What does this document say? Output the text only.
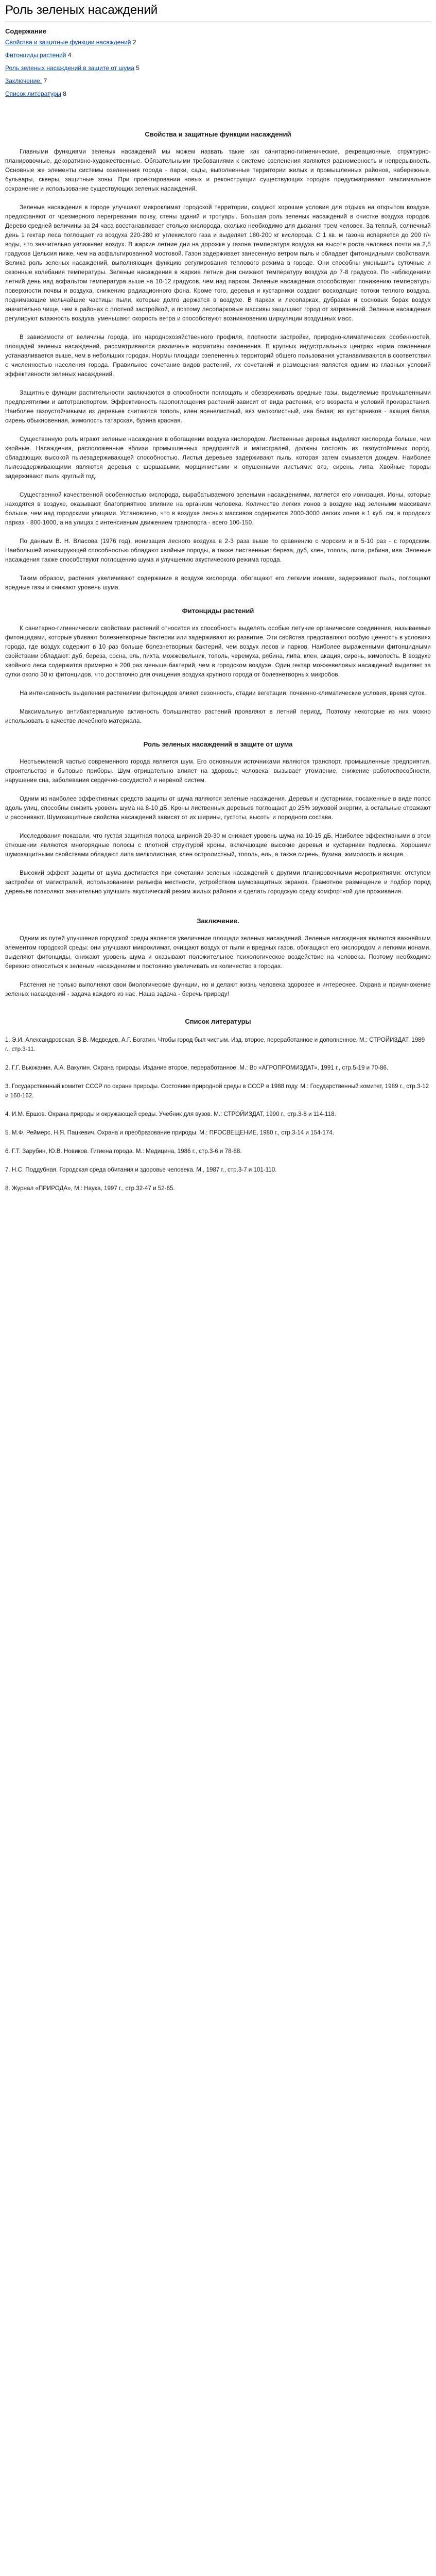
Роль зеленых насаждений
Содержание
Свойства и защитные функции насаждений 2
Фитонциды растений 4
Роль зеленых насаждений в защите от шума 5
Заключение. 7
Список литературы 8
Свойства и защитные функции насаждений

Главными функциями зеленых насаждений мы можем назвать такие как санитарно-гигиенические, рекреационные, структурно-планировочные, декоративно-художественные. Обязательными требованиями к системе озеленения являются равномерность и непрерывность. Основные же элементы системы озеленения города - парки, сады, выполненные территории жилых и промышленных районов, набережные, бульвары, скверы, защитные зоны. При проектировании новых и реконструкции существующих городов предусматривают максимальное сохранение и использование существующих зеленых насаждений.

Зеленые насаждения в городе улучшают микроклимат городской территории, создают хорошие условия для отдыха на открытом воздухе, предохраняют от чрезмерного перегревания почву, стены зданий и тротуары. Большая роль зеленых насаждений в очистке воздуха городов. Дерево средней величины за 24 часа восстанавливает столько кислорода, сколько необходимо для дыхания трем человек. За теплый, солнечный день 1 гектар леса поглощает из воздуха 220-280 кг углекислого газа и выделяет 180-200 кг кислорода. С 1 кв. м газона испаряется до 200 г/ч воды, что значительно увлажняет воздух. В жаркие летние дни на дорожке у газона температура воздуха на высоте роста человека почти на 2,5 градусов Цельсия ниже, чем на асфальтированной мостовой. Газон задерживает занесенную ветром пыль и обладает фитонцидными свойствами. Велика роль зеленых насаждений, выполняющих функцию регулирования теплового режима в городе. Они способны уменьшить суточные и сезонные колебания температуры. Зеленые насаждения в жаркие летние дни снижают температуру воздуха до 7-8 градусов. По наблюдениям летний день над асфальтом температура выше на 10-12 градусов, чем над парком. Зеленые насаждения способствуют понижению температуры поверхности почвы и воздуха, снижению радиационного фона. Кроме того, деревья и кустарники создают восходящие потоки теплого воздуха, поднимающие мельчайшие частицы пыли, которые долго держатся в воздухе. В парках и лесопарках, дубравах и сосновых борах воздух значительно чище, чем в районах с плотной застройкой, и поэтому лесопарковые массивы защищают город от загрязнений. Зеленые насаждения регулируют влажность воздуха, уменьшают скорость ветра и способствуют возникновению циркуляции воздушных масс.

В зависимости от величины города, его народнохозяйственного профиля, плотности застройки, природно-климатических особенностей, площадей зеленых насаждений, рассматриваются различные нормативы озеленения. В крупных индустриальных центрах норма озеленения устанавливается выше, чем в небольших городах. Нормы площади озелененных территорий общего пользования устанавливаются в соответствии с численностью населения города. Правильное сочетание видов растений, их сочетаний и размещения является одним из главных условий эффективности зеленых насаждений.

Защитные функции растительности заключаются в способности поглощать и обезвреживать вредные газы, выделяемые промышленными предприятиями и автотранспортом. Эффективность газопоглощения растений зависит от вида растения, его возраста и условий произрастания. Наиболее газоустойчивыми из деревьев считаются тополь, клен ясенелистный, вяз мелколистный, ива белая; из кустарников - акация белая, сирень обыкновенная, жимолость татарская, бузина красная.

Существенную роль играют зеленые насаждения в обогащении воздуха кислородом. Лиственные деревья выделяют кислорода больше, чем хвойные. Насаждения, расположенные вблизи промышленных предприятий и магистралей, должны состоять из газоустойчивых пород, обладающих высокой пылезадерживающей способностью. Листья деревьев задерживают пыль, которая затем смывается дождем. Наиболее пылезадерживающими являются деревья с шершавыми, морщинистыми и опушенными листьями: вяз, сирень, липа. Хвойные породы задерживают пыль круглый год.

Существенной качественной особенностью кислорода, вырабатываемого зелеными насаждениями, является его ионизация. Ионы, которые находятся в воздухе, оказывают благоприятное влияние на организм человека. Количество легких ионов в воздухе над зелеными массивами больше, чем над городскими улицами. Установлено, что в воздухе лесных массивов содержится 2000-3000 легких ионов в 1 куб. см, в городских парках - 800-1000, а на улицах с интенсивным движением транспорта - всего 100-150.

По данным В. Н. Власова (1976 год), ионизация лесного воздуха в 2-3 раза выше по сравнению с морским и в 5-10 раз - с городским. Наибольшей ионизирующей способностью обладают хвойные породы, а также лиственные: береза, дуб, клен, тополь, липа, рябина, ива. Зеленые насаждения также способствуют поглощению шума и улучшению акустического режима города.

Таким образом, растения увеличивают содержание в воздухе кислорода, обогащают его легкими ионами, задерживают пыль, поглощают вредные газы и снижают уровень шума.

Фитонциды растений

К санитарно-гигиеническим свойствам растений относится их способность выделять особые летучие органические соединения, называемые фитонцидами, которые убивают болезнетворные бактерии или задерживают их развитие. Эти свойства представляют особую ценность в условиях города, где воздух содержит в 10 раз больше болезнетворных бактерий, чем воздух лесов и парков. Наиболее выраженными фитонцидными свойствами обладают: дуб, береза, сосна, ель, пихта, можжевельник, тополь, черемуха, рябина, липа, клен, акация, сирень, жимолость. В воздухе хвойного леса содержится примерно в 200 раз меньше бактерий, чем в городском воздухе. Один гектар можжевеловых насаждений выделяет за сутки около 30 кг фитонцидов, что достаточно для очищения воздуха крупного города от болезнетворных микробов.

На интенсивность выделения растениями фитонцидов влияет сезонность, стадии вегетации, почвенно-климатические условия, время суток.

Максимальную антибактериальную активность большинство растений проявляют в летний период. Поэтому некоторые из них можно использовать в качестве лечебного материала.

Роль зеленых насаждений в защите от шума

Неотъемлемой частью современного города является шум. Его основными источниками являются транспорт, промышленные предприятия, строительство и бытовые приборы. Шум отрицательно влияет на здоровье человека: вызывает утомление, снижение работоспособности, нарушение сна, заболевания сердечно-сосудистой и нервной систем.

Одним из наиболее эффективных средств защиты от шума являются зеленые насаждения. Деревья и кустарники, посаженные в виде полос вдоль улиц, способны снизить уровень шума на 8-10 дБ. Кроны лиственных деревьев поглощают до 25% звуковой энергии, а остальные отражают и рассеивают. Шумозащитные свойства насаждений зависят от их ширины, густоты, высоты и породного состава.

Исследования показали, что густая защитная полоса шириной 20-30 м снижает уровень шума на 10-15 дБ. Наиболее эффективными в этом отношении являются многорядные полосы с плотной структурой кроны, включающие высокие деревья и кустарники подлеска. Хорошими шумозащитными свойствами обладают липа мелколистная, клен остролистный, тополь, ель, а также сирень, бузина, жимолость и акация.

Высокий эффект защиты от шума достигается при сочетании зеленых насаждений с другими планировочными мероприятиями: отступом застройки от магистралей, использованием рельефа местности, устройством шумозащитных экранов. Грамотное размещение и подбор пород деревьев позволяют значительно улучшить акустический режим жилых районов и сделать городскую среду комфортной для проживания.

Заключение.

Одним из путей улучшения городской среды является увеличение площади зеленых насаждений. Зеленые насаждения являются важнейшим элементом городской среды: они улучшают микроклимат, очищают воздух от пыли и вредных газов, обогащают его кислородом и легкими ионами, выделяют фитонциды, снижают уровень шума и оказывают положительное психологическое воздействие на человека. Поэтому необходимо бережно относиться к зеленым насаждениям и постоянно увеличивать их количество в городах.

Растения не только выполняют свои биологические функции, но и делают жизнь человека здоровее и интереснее. Охрана и приумножение зеленых насаждений - задача каждого из нас. Наша задача - беречь природу!

Список литературы
1. Э.И. Александровская, В.В. Медведев, А.Г. Богатин. Чтобы город был чистым. Изд. второе, переработанное и дополненное. М.: СТРОЙИЗДАТ, 1989 г., стр.3-11.
2. Г.Г. Вьюжанин, А.А. Вакулин. Охрана природы. Издание второе, переработанное. М.: Во «АГРОПРОМИЗДАТ», 1991 г., стр.5-19 и 70-86.
3. Государственный комитет СССР по охране природы. Состояние природной среды в СССР в 1988 году. М.: Государственный комитет, 1989 г., стр.3-12 и 160-162.
4. И.М. Ершов. Охрана природы и окружающей среды. Учебник для вузов. М.: СТРОЙИЗДАТ, 1990 г., стр.3-8 и 114-118.
5. М.Ф. Реймерс, Н.Я. Пацкевич. Охрана и преобразование природы. М.: ПРОСВЕЩЕНИЕ, 1980 г., стр.3-14 и 154-174.
6. Г.Т. Зарубин, Ю.В. Новиков. Гигиена города. М.: Медицина, 1986 г., стр.3-6 и 78-88.
7. Н.С. Поддубная. Городская среда обитания и здоровье человека. М., 1987 г., стр.3-7 и 101-110.
8. Журнал «ПРИРОДА», М.: Наука, 1997 г., стр.32-47 и 52-65.
